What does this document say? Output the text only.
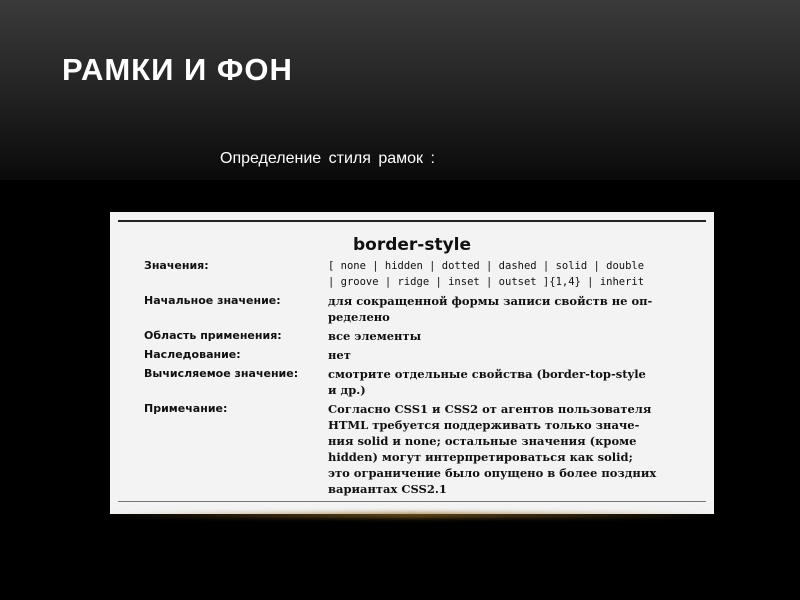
РАМКИ И ФОН
Определение стиля рамок :
border-style
Значения:	[ none | hidden | dotted | dashed | solid | double
| groove | ridge | inset | outset ]{1,4} | inherit
Начальное значение:	для сокращенной формы записи свойств не оп-
ределено
Область применения:	все элементы
Наследование:	нет
Вычисляемое значение:	смотрите отдельные свойства (border-top-style
и др.)
Примечание:	Согласно CSS1 и CSS2 от агентов пользователя
HTML требуется поддерживать только значе-
ния solid и none; остальные значения (кроме
hidden) могут интерпретироваться как solid;
это ограничение было опущено в более поздних
вариантах CSS2.1
